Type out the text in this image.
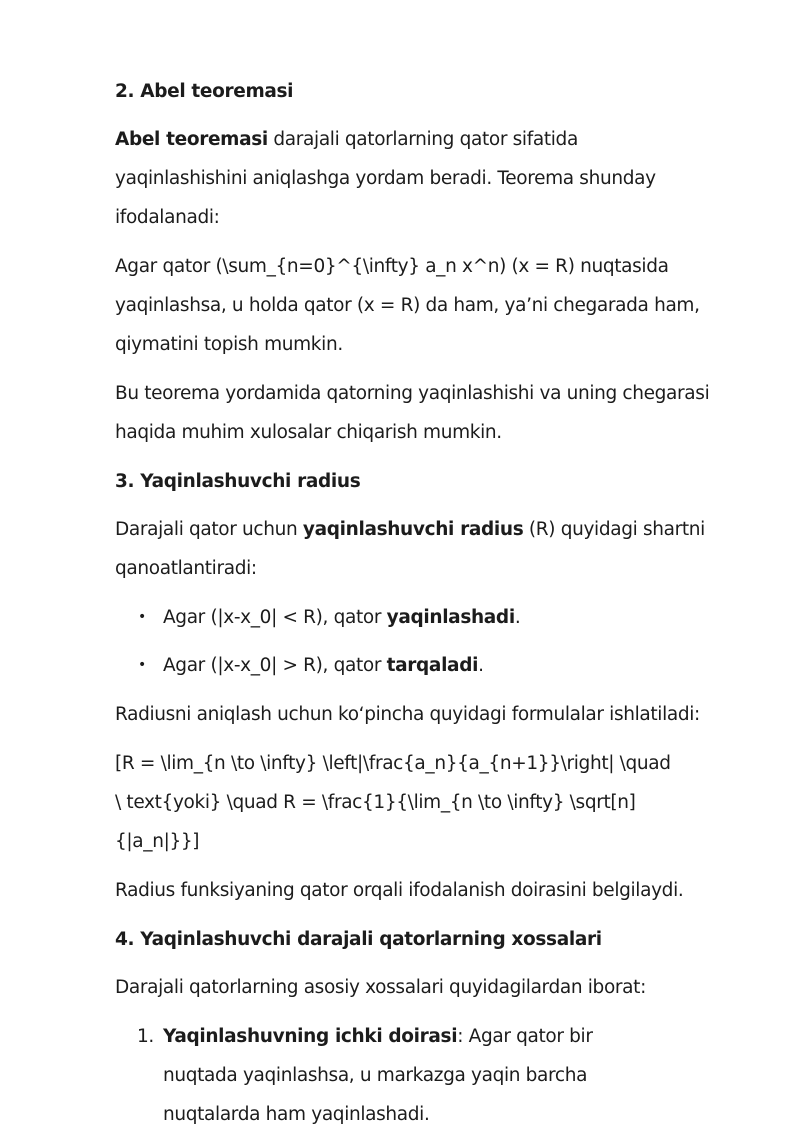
2. Abel teoremasi

Abel teoremasi darajali qatorlarning qator sifatida yaqinlashishini aniqlashga yordam beradi. Teorema shunday ifodalanadi:

Agar qator (\sum_{n=0}^{\infty} a_n x^n) (x = R) nuqtasida yaqinlashsa, u holda qator (x = R) da ham, ya’ni chegarada ham, qiymatini topish mumkin.

Bu teorema yordamida qatorning yaqinlashishi va uning chegarasi haqida muhim xulosalar chiqarish mumkin.

3. Yaqinlashuvchi radius

Darajali qator uchun yaqinlashuvchi radius (R) quyidagi shartni qanoatlantiradi:

• Agar (|x-x_0| < R), qator yaqinlashadi.
• Agar (|x-x_0| > R), qator tarqaladi.

Radiusni aniqlash uchun ko‘pincha quyidagi formulalar ishlatiladi:

[R = \lim_{n \to \infty} \left|\frac{a_n}{a_{n+1}}\right| \quad \ text{yoki} \quad R = \frac{1}{\lim_{n \to \infty} \sqrt[n]{|a_n|}}]

Radius funksiyaning qator orqali ifodalanish doirasini belgilaydi.

4. Yaqinlashuvchi darajali qatorlarning xossalari

Darajali qatorlarning asosiy xossalari quyidagilardan iborat:

1. Yaqinlashuvning ichki doirasi: Agar qator bir nuqtada yaqinlashsa, u markazga yaqin barcha nuqtalarda ham yaqinlashadi.
